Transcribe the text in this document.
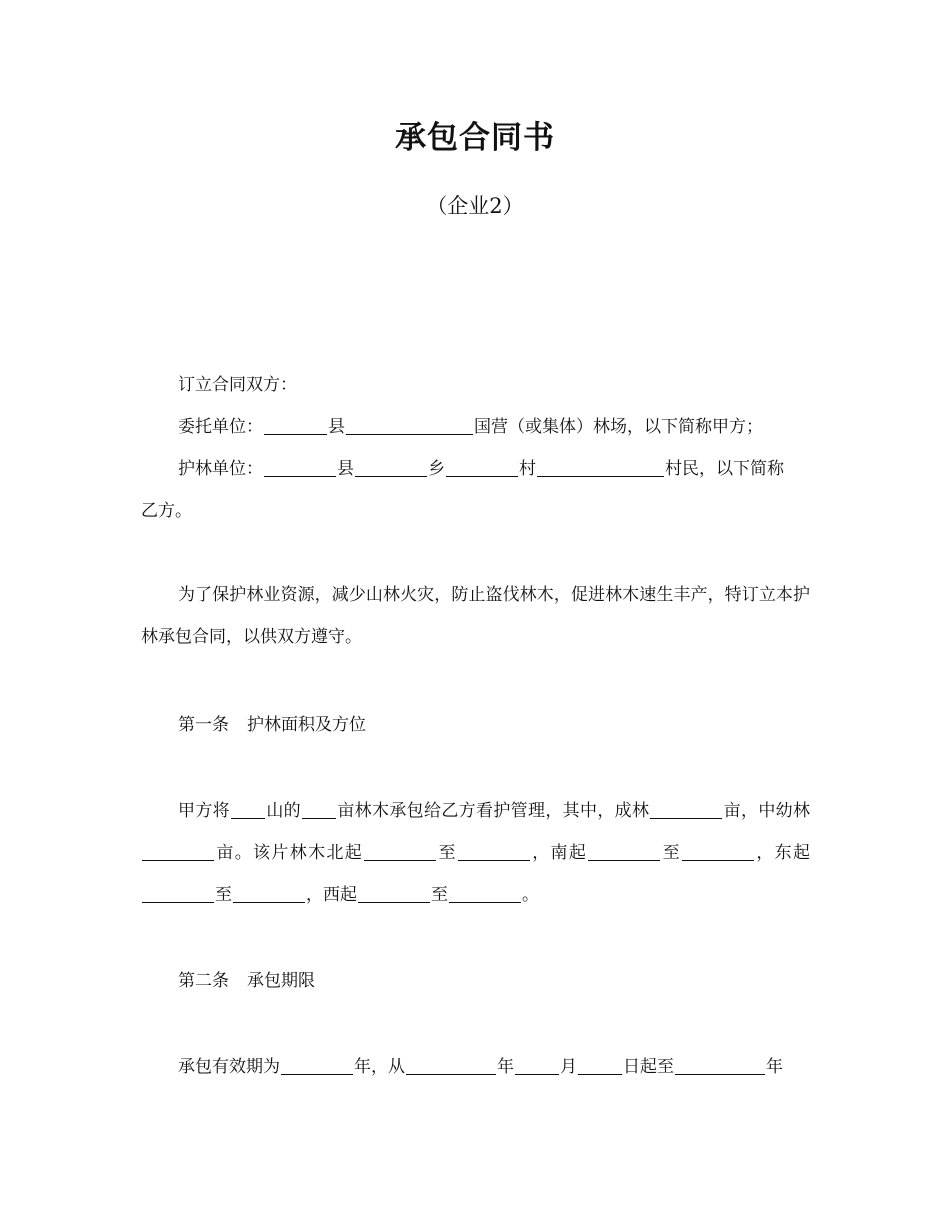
承包合同书

（企业2）

订立合同双方：

委托单位：	县	国营（或集体）林场，以下简称甲方；

护林单位：	县	乡	村	村民，以下简称
乙方。

为了保护林业资源，减少山林火灾，防止盗伐林木，促进林木速生丰产，特订立本护林承包合同，以供双方遵守。

第一条 护林面积及方位

甲方将 山的 亩林木承包给乙方看护管理，其中，成林	亩，中幼林亩。该片林木北起	至	，南起	至	，东起至	，西起	至	。

第二条 承包期限

承包有效期为	年，从	年	月	日起至	年
